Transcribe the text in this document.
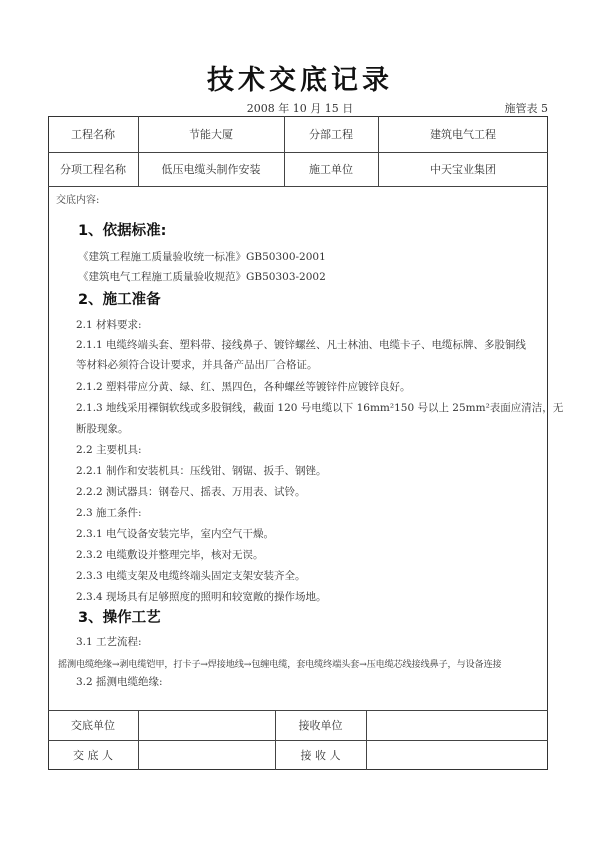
技术交底记录
2008 年 10 月 15 日	施管表 5
工程名称	节能大厦	分部工程	建筑电气工程
分项工程名称	低压电缆头制作安装	施工单位	中天宝业集团
交底内容:
1、依据标准:
《建筑工程施工质量验收统一标准》GB50300-2001
《建筑电气工程施工质量验收规范》GB50303-2002
2、施工准备
2.1 材料要求:
2.1.1 电缆终端头套、塑料带、接线鼻子、镀锌螺丝、凡士林油、电缆卡子、电缆标牌、多股铜线
等材料必须符合设计要求，并具备产品出厂合格证。
2.1.2 塑料带应分黄、绿、红、黑四色，各种螺丝等镀锌件应镀锌良好。
2.1.3 地线采用裸铜软线或多股铜线，截面 120 号电缆以下 16mm²150 号以上 25mm²表面应清洁，无
断股现象。
2.2 主要机具:
2.2.1 制作和安装机具：压线钳、钢锯、扳手、钢锉。
2.2.2 测试器具：钢卷尺、摇表、万用表、试铃。
2.3 施工条件:
2.3.1 电气设备安装完毕，室内空气干燥。
2.3.2 电缆敷设并整理完毕，核对无误。
2.3.3 电缆支架及电缆终端头固定支架安装齐全。
2.3.4 现场具有足够照度的照明和较宽敞的操作场地。
3、操作工艺
3.1 工艺流程:
摇测电缆绝缘→剥电缆铠甲，打卡子→焊接地线→包缠电缆，套电缆终端头套→压电缆芯线接线鼻子，与设备连接
3.2 摇测电缆绝缘:
交底单位	接收单位
交 底 人	接 收 人
